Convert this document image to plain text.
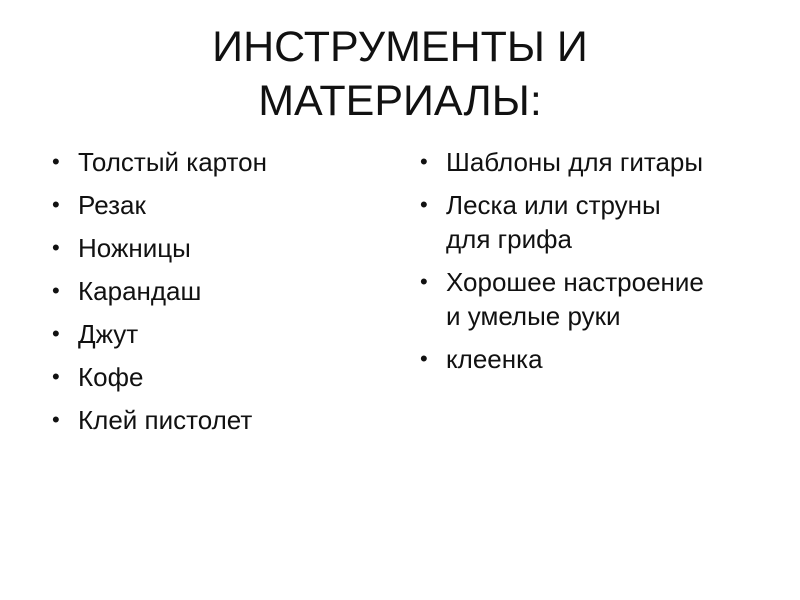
ИНСТРУМЕНТЫ И
МАТЕРИАЛЫ:
• Толстый картон
• Резак
• Ножницы
• Карандаш
• Джут
• Кофе
• Клей пистолет
• Шаблоны для гитары
• Леска или струны
для грифа
• Хорошее настроение
и умелые руки
• клеенка
